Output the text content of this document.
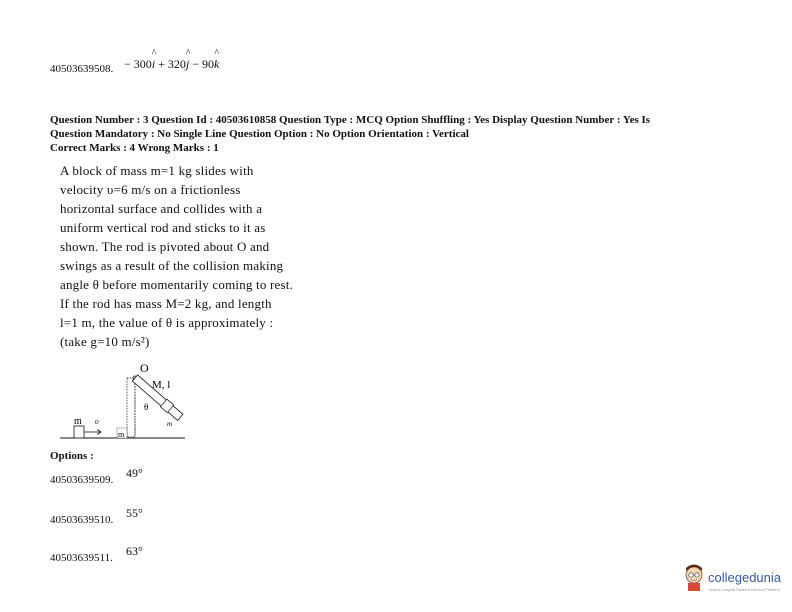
40503639508. − 300^ i + 320^ j − 90^ k
Question Number : 3 Question Id : 40503610858 Question Type : MCQ Option Shuffling : Yes Display Question Number : Yes Is
Question Mandatory : No Single Line Question Option : No Option Orientation : Vertical
Correct Marks : 4 Wrong Marks : 1
A block of mass m=1 kg slides with
velocity υ=6 m/s on a frictionless
horizontal surface and collides with a
uniform vertical rod and sticks to it as
shown. The rod is pivoted about O and
swings as a result of the collision making
angle θ before momentarily coming to rest.
If the rod has mass M=2 kg, and length
l=1 m, the value of θ is approximately :
(take g=10 m/s²)
O
m
M, l
θ
m υ
m
Options :
40503639509. 49°
40503639510. 55°
40503639511. 63°
collegedunia
India's Largest Student Review Platform
